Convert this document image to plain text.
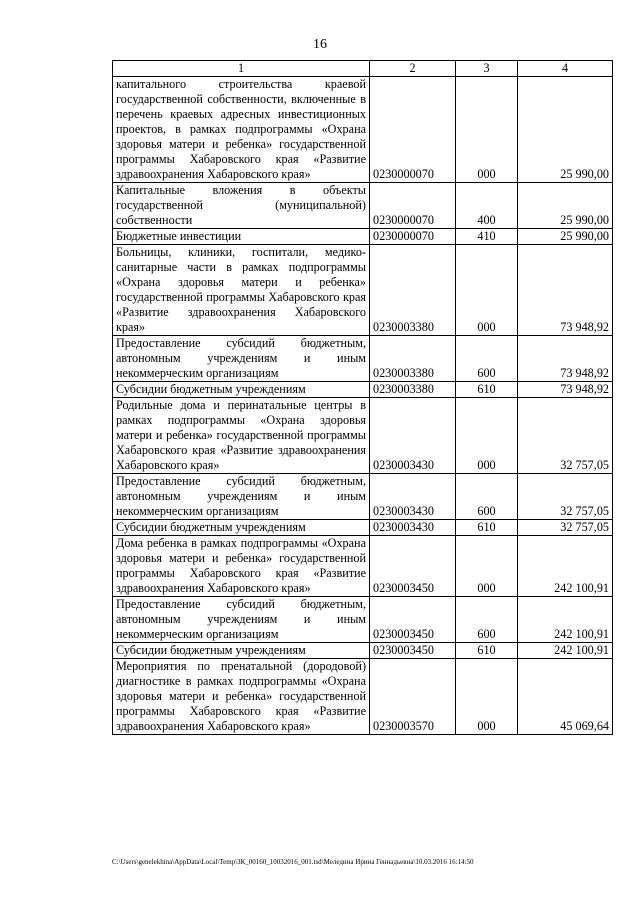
16
1	2	3	4
капитального строительства краевой государственной собственности, включенные в перечень краевых адресных инвестиционных проектов, в рамках подпрограммы «Охрана здоровья матери и ребенка» государственной программы Хабаровского края «Развитие здравоохранения Хабаровского края»	0230000070	000	25 990,00
Капитальные вложения в объекты государственной (муниципальной) собственности	0230000070	400	25 990,00
Бюджетные инвестиции	0230000070	410	25 990,00
Больницы, клиники, госпитали, медико-санитарные части в рамках подпрограммы «Охрана здоровья матери и ребенка» государственной программы Хабаровского края «Развитие здравоохранения Хабаровского края»	0230003380	000	73 948,92
Предоставление субсидий бюджетным, автономным учреждениям и иным некоммерческим организациям	0230003380	600	73 948,92
Субсидии бюджетным учреждениям	0230003380	610	73 948,92
Родильные дома и перинатальные центры в рамках подпрограммы «Охрана здоровья матери и ребенка» государственной программы Хабаровского края «Развитие здравоохранения Хабаровского края»	0230003430	000	32 757,05
Предоставление субсидий бюджетным, автономным учреждениям и иным некоммерческим организациям	0230003430	600	32 757,05
Субсидии бюджетным учреждениям	0230003430	610	32 757,05
Дома ребенка в рамках подпрограммы «Охрана здоровья матери и ребенка» государственной программы Хабаровского края «Развитие здравоохранения Хабаровского края»	0230003450	000	242 100,91
Предоставление субсидий бюджетным, автономным учреждениям и иным некоммерческим организациям	0230003450	600	242 100,91
Субсидии бюджетным учреждениям	0230003450	610	242 100,91
Мероприятия по пренатальной (дородовой) диагностике в рамках подпрограммы «Охрана здоровья матери и ребенка» государственной программы Хабаровского края «Развитие здравоохранения Хабаровского края»	0230003570	000	45 069,64
C:\Users\genelekhina\AppData\Local\Temp\ЗК_00160_10032016_001.tsd\Меледина Ирина Геннадьевна\10.03.2016 16:14:50
